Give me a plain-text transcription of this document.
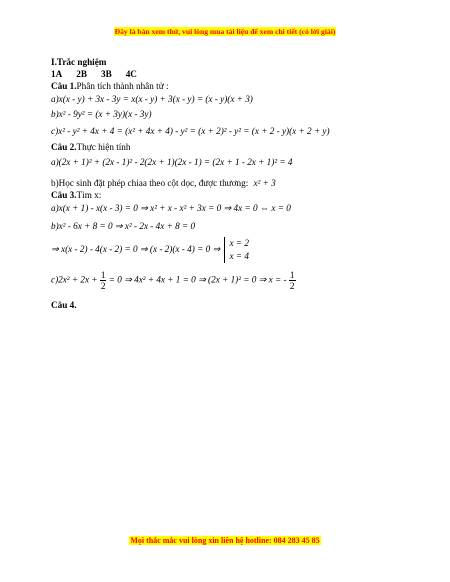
Đây là bản xem thử, vui lòng mua tài liệu để xem chi tiết (có lời giải)
I.Trắc nghiệm
1A 2B 3B 4C
Câu 1.Phân tích thành nhân tử :
a)x(x - y) + 3x - 3y = x(x - y) + 3(x - y) = (x - y)(x + 3)
b)x² - 9y² = (x + 3y)(x - 3y)
c)x² - y² + 4x + 4 = (x² + 4x + 4) - y² = (x + 2)² - y² = (x + 2 - y)(x + 2 + y)
Câu 2.Thực hiện tính
a)(2x + 1)² + (2x - 1)² - 2(2x + 1)(2x - 1) = (2x + 1 - 2x + 1)² = 4
b)Học sinh đặt phép chiaa theo cột dọc, được thương: x² + 3
Câu 3.Tìm x:
a)x(x + 1) - x(x - 3) = 0 ⇒ x² + x - x² + 3x = 0 ⇒ 4x = 0 ⇔ x = 0
b)x² - 6x + 8 = 0 ⇒ x² - 2x - 4x + 8 = 0
⇒ x(x - 2) - 4(x - 2) = 0 ⇒ (x - 2)(x - 4) = 0 ⇒
x = 2
x = 4
$c)2x^2 + 2x + \frac{1}{2} = 0$ ⇒ 4x² + 4x + 1 = 0 ⇒ (2x + 1)² = 0 ⇒ x = - $\frac{1}{2}$
Câu 4.
Mọi thắc mắc vui lòng xin liên hệ hotline: 084 283 45 85
